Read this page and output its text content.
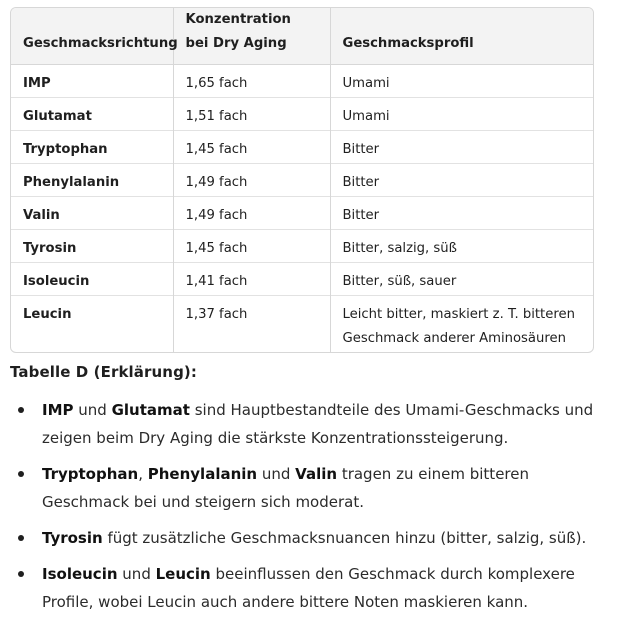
Geschmacksrichtung	Konzentration bei Dry Aging	Geschmacksprofil
IMP	1,65 fach	Umami
Glutamat	1,51 fach	Umami
Tryptophan	1,45 fach	Bitter
Phenylalanin	1,49 fach	Bitter
Valin	1,49 fach	Bitter
Tyrosin	1,45 fach	Bitter, salzig, süß
Isoleucin	1,41 fach	Bitter, süß, sauer
Leucin	1,37 fach	Leicht bitter, maskiert z. T. bitteren Geschmack anderer Aminosäuren
Tabelle D (Erklärung):
IMP und Glutamat sind Hauptbestandteile des Umami-Geschmacks und zeigen beim Dry Aging die stärkste Konzentrationssteigerung.
Tryptophan, Phenylalanin und Valin tragen zu einem bitteren Geschmack bei und steigern sich moderat.
Tyrosin fügt zusätzliche Geschmacksnuancen hinzu (bitter, salzig, süß).
Isoleucin und Leucin beeinflussen den Geschmack durch komplexere Profile, wobei Leucin auch andere bittere Noten maskieren kann.
